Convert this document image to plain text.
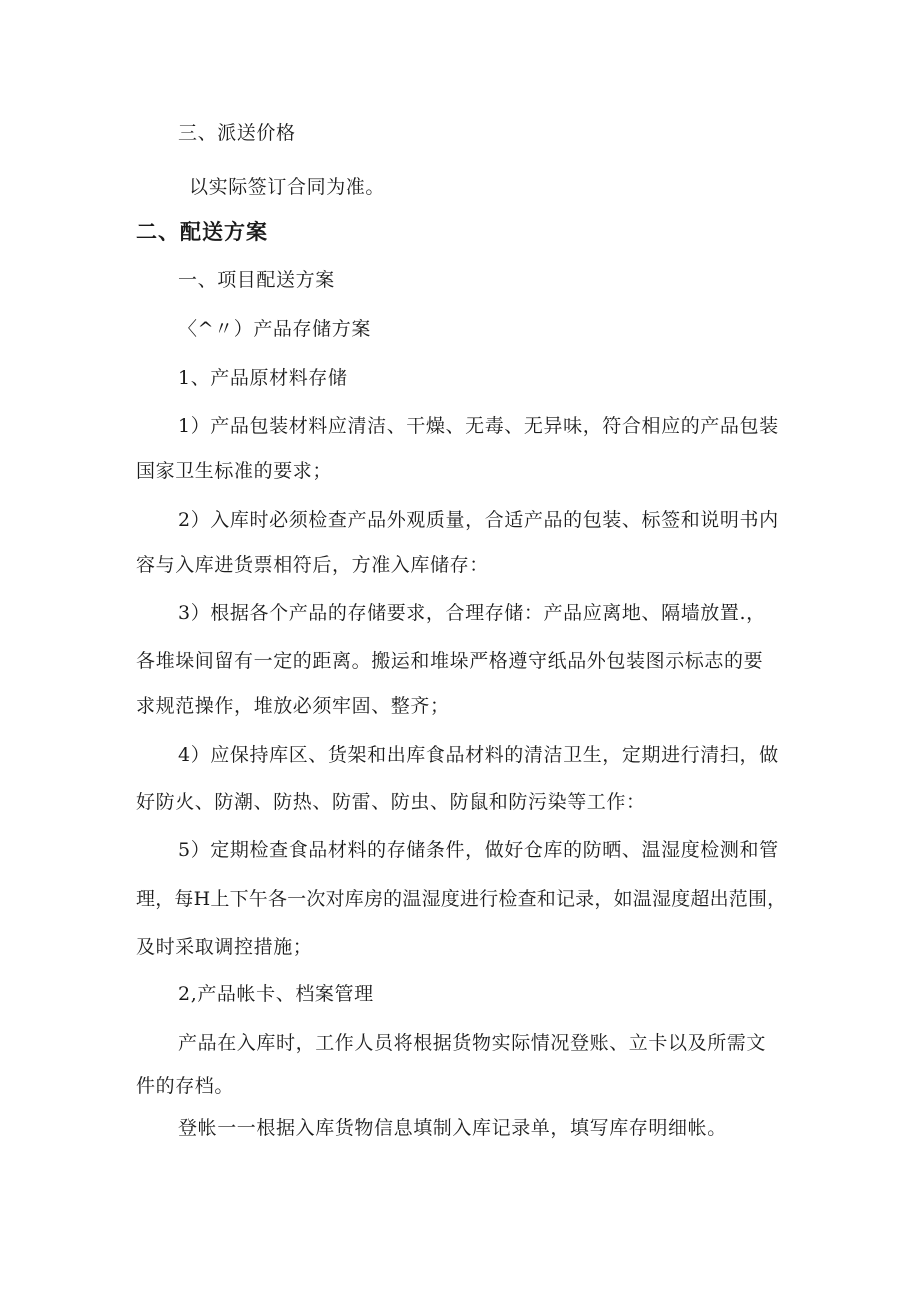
三、派送价格
以实际签订合同为准。
二、配送方案
一、项目配送方案
〈^〃）产品存储方案
1、产品原材料存储
1）产品包装材料应清洁、干燥、无毒、无异味，符合相应的产品包装
国家卫生标准的要求；
2）入库时必须检查产品外观质量，合适产品的包装、标签和说明书内
容与入库进货票相符后，方准入库储存：
3）根据各个产品的存储要求，合理存储：产品应离地、隔墙放置.，
各堆垛间留有一定的距离。搬运和堆垛严格遵守纸品外包装图示标志的要
求规范操作，堆放必须牢固、整齐；
4）应保持库区、货架和出库食品材料的清洁卫生，定期进行清扫，做
好防火、防潮、防热、防雷、防虫、防鼠和防污染等工作：
5）定期检查食品材料的存储条件，做好仓库的防晒、温湿度检测和管
理，每H上下午各一次对库房的温湿度进行检查和记录，如温湿度超出范围，
及时采取调控措施；
2,产品帐卡、档案管理
产品在入库时，工作人员将根据货物实际情况登账、立卡以及所需文
件的存档。
登帐一一根据入库货物信息填制入库记录单，填写库存明细帐。
